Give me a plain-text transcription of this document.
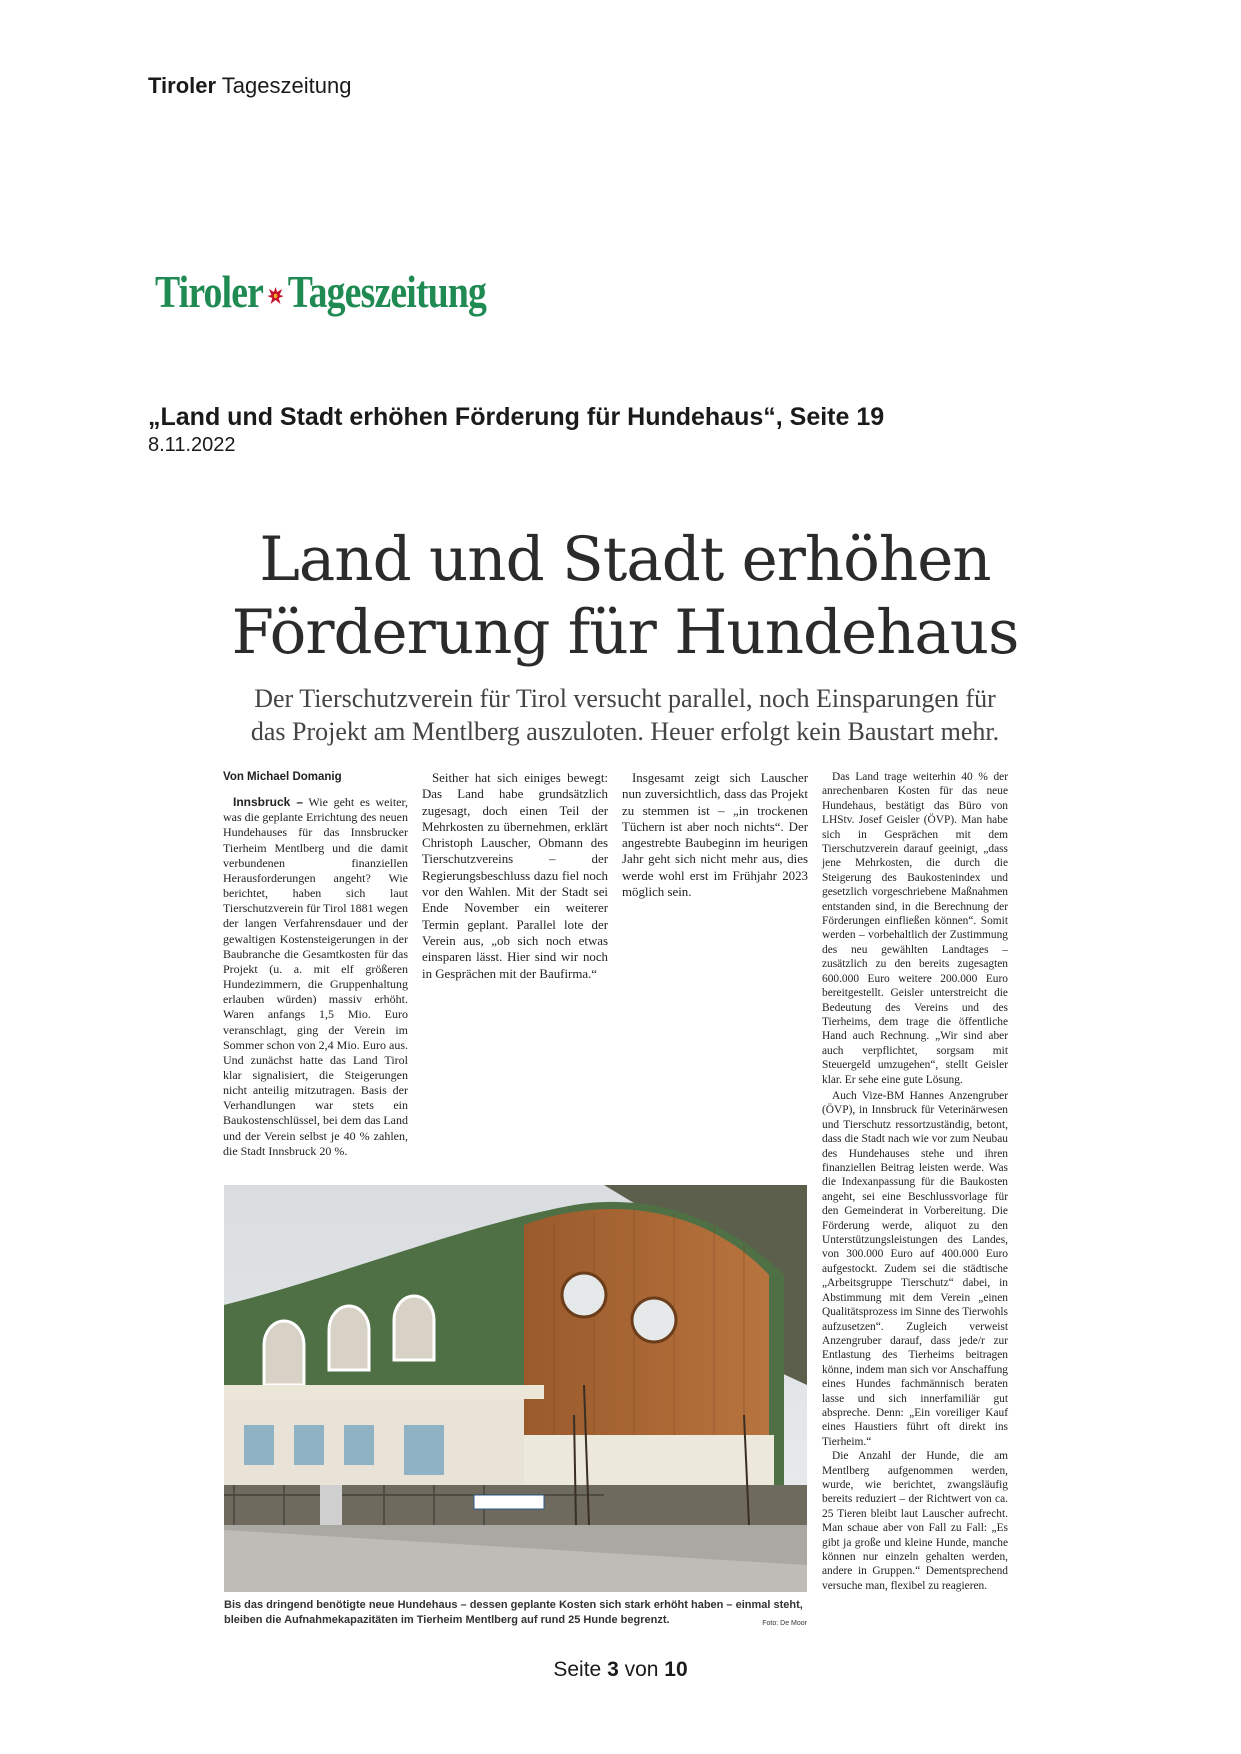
Tiroler Tageszeitung
Tiroler Tageszeitung
„Land und Stadt erhöhen Förderung für Hundehaus“, Seite 19
8.11.2022
Land und Stadt erhöhen
Förderung für Hundehaus
Der Tierschutzverein für Tirol versucht parallel, noch Einsparungen für
das Projekt am Mentlberg auszuloten. Heuer erfolgt kein Baustart mehr.

Von Michael Domanig

Innsbruck – Wie geht es weiter, was die geplante Errichtung des neuen Hundehauses für das Innsbrucker Tierheim Mentlberg und die damit verbundenen finanziellen Herausforderungen angeht? Wie berichtet, haben sich laut Tierschutzverein für Tirol 1881 wegen der langen Verfahrensdauer und der gewaltigen Kostensteigerungen in der Baubranche die Gesamtkosten für das Projekt (u. a. mit elf größeren Hundezimmern, die Gruppenhaltung erlauben würden) massiv erhöht. Waren anfangs 1,5 Mio. Euro veranschlagt, ging der Verein im Sommer schon von 2,4 Mio. Euro aus. Und zunächst hatte das Land Tirol klar signalisiert, die Steigerungen nicht anteilig mitzutragen. Basis der Verhandlungen war stets ein Baukostenschlüssel, bei dem das Land und der Verein selbst je 40 % zahlen, die Stadt Innsbruck 20 %.

Seither hat sich einiges bewegt: Das Land habe grundsätzlich zugesagt, doch einen Teil der Mehrkosten zu übernehmen, erklärt Christoph Lauscher, Obmann des Tierschutzvereins – der Regierungsbeschluss dazu fiel noch vor den Wahlen. Mit der Stadt sei Ende November ein weiterer Termin geplant. Parallel lote der Verein aus, „ob sich noch etwas einsparen lässt. Hier sind wir noch in Gesprächen mit der Baufirma.“

Insgesamt zeigt sich Lauscher nun zuversichtlich, dass das Projekt zu stemmen ist – „in trockenen Tüchern ist aber noch nichts“. Der angestrebte Baubeginn im heurigen Jahr geht sich nicht mehr aus, dies werde wohl erst im Frühjahr 2023 möglich sein.

Das Land trage weiterhin 40 % der anrechenbaren Kosten für das neue Hundehaus, bestätigt das Büro von LHStv. Josef Geisler (ÖVP). Man habe sich in Gesprächen mit dem Tierschutzverein darauf geeinigt, „dass jene Mehrkosten, die durch die Steigerung des Baukostenindex und gesetzlich vorgeschriebene Maßnahmen entstanden sind, in die Berechnung der Förderungen einfließen können“. Somit werden – vorbehaltlich der Zustimmung des neu gewählten Landtages – zusätzlich zu den bereits zugesagten 600.000 Euro weitere 200.000 Euro bereitgestellt. Geisler unterstreicht die Bedeutung des Vereins und des Tierheims, dem trage die öffentliche Hand auch Rechnung. „Wir sind aber auch verpflichtet, sorgsam mit Steuergeld umzugehen“, stellt Geisler klar. Er sehe eine gute Lösung.

Bis das dringend benötigte neue Hundehaus – dessen geplante Kosten sich stark erhöht haben – einmal steht, bleiben die Aufnahmekapazitäten im Tierheim Mentlberg auf rund 25 Hunde begrenzt.	Foto: De Moor
Seite 3 von 10

Auch Vize-BM Hannes Anzengruber (ÖVP), in Innsbruck für Veterinärwesen und Tierschutz ressortzuständig, betont, dass die Stadt nach wie vor zum Neubau des Hundehauses stehe und ihren finanziellen Beitrag leisten werde. Was die Indexanpassung für die Baukosten angeht, sei eine Beschlussvorlage für den Gemeinderat in Vorbereitung. Die Förderung werde, aliquot zu den Unterstützungsleistungen des Landes, von 300.000 Euro auf 400.000 Euro aufgestockt. Zudem sei die städtische „Arbeitsgruppe Tierschutz“ dabei, in Abstimmung mit dem Verein „einen Qualitätsprozess im Sinne des Tierwohls aufzusetzen“. Zugleich verweist Anzengruber darauf, dass jede/r zur Entlastung des Tierheims beitragen könne, indem man sich vor Anschaffung eines Hundes fachmännisch beraten lasse und sich innerfamiliär gut abspreche. Denn: „Ein voreiliger Kauf eines Haustiers führt oft direkt ins Tierheim.“

Die Anzahl der Hunde, die am Mentlberg aufgenommen werden, wurde, wie berichtet, zwangsläufig bereits reduziert – der Richtwert von ca. 25 Tieren bleibt laut Lauscher aufrecht. Man schaue aber von Fall zu Fall: „Es gibt ja große und kleine Hunde, manche können nur einzeln gehalten werden, andere in Gruppen.“ Dementsprechend versuche man, flexibel zu reagieren.
